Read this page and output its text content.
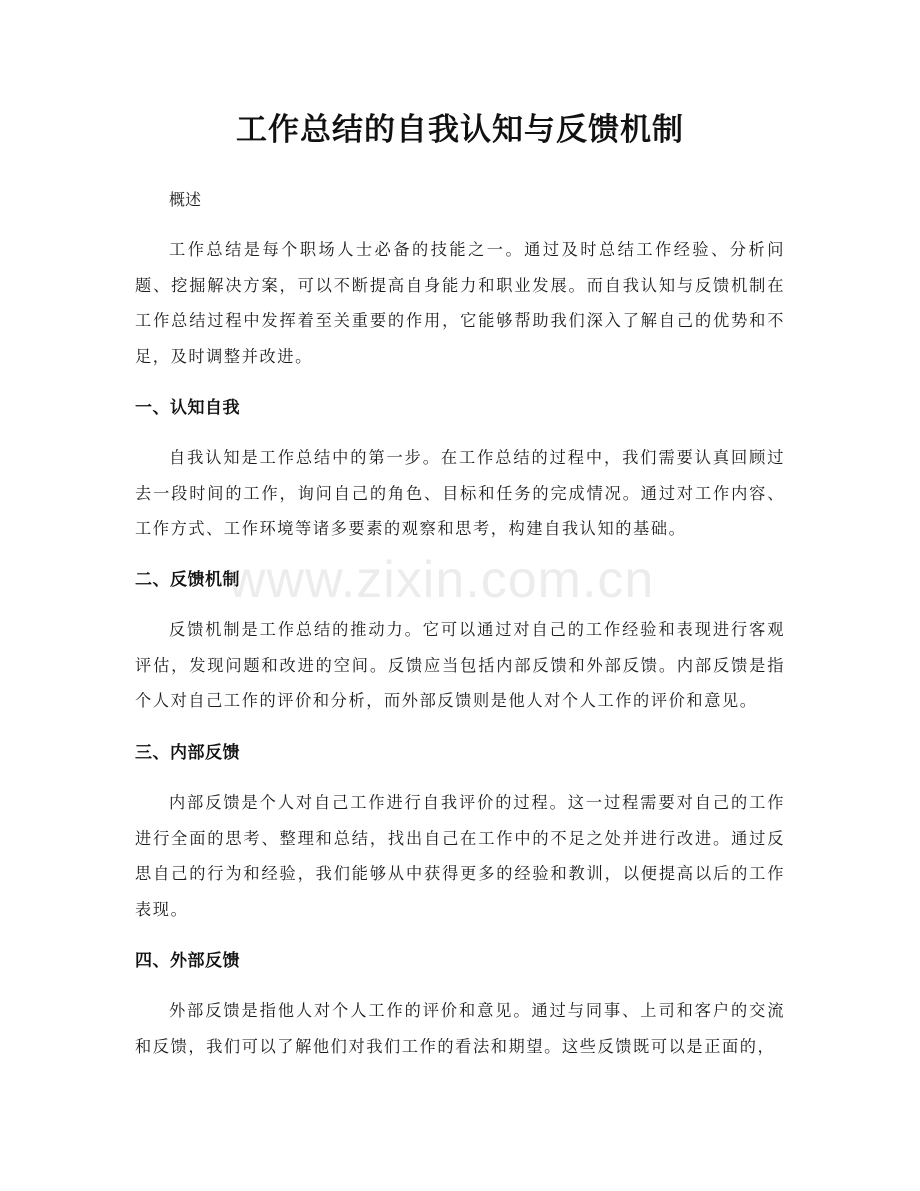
工作总结的自我认知与反馈机制
概述

工作总结是每个职场人士必备的技能之一。通过及时总结工作经验、分析问题、挖掘解决方案，可以不断提高自身能力和职业发展。而自我认知与反馈机制在工作总结过程中发挥着至关重要的作用，它能够帮助我们深入了解自己的优势和不足，及时调整并改进。

一、认知自我

自我认知是工作总结中的第一步。在工作总结的过程中，我们需要认真回顾过去一段时间的工作，询问自己的角色、目标和任务的完成情况。通过对工作内容、工作方式、工作环境等诸多要素的观察和思考，构建自我认知的基础。

二、反馈机制

反馈机制是工作总结的推动力。它可以通过对自己的工作经验和表现进行客观评估，发现问题和改进的空间。反馈应当包括内部反馈和外部反馈。内部反馈是指个人对自己工作的评价和分析，而外部反馈则是他人对个人工作的评价和意见。

三、内部反馈

内部反馈是个人对自己工作进行自我评价的过程。这一过程需要对自己的工作进行全面的思考、整理和总结，找出自己在工作中的不足之处并进行改进。通过反思自己的行为和经验，我们能够从中获得更多的经验和教训，以便提高以后的工作表现。

四、外部反馈

外部反馈是指他人对个人工作的评价和意见。通过与同事、上司和客户的交流和反馈，我们可以了解他们对我们工作的看法和期望。这些反馈既可以是正面的，

www.zixin.com.cn
